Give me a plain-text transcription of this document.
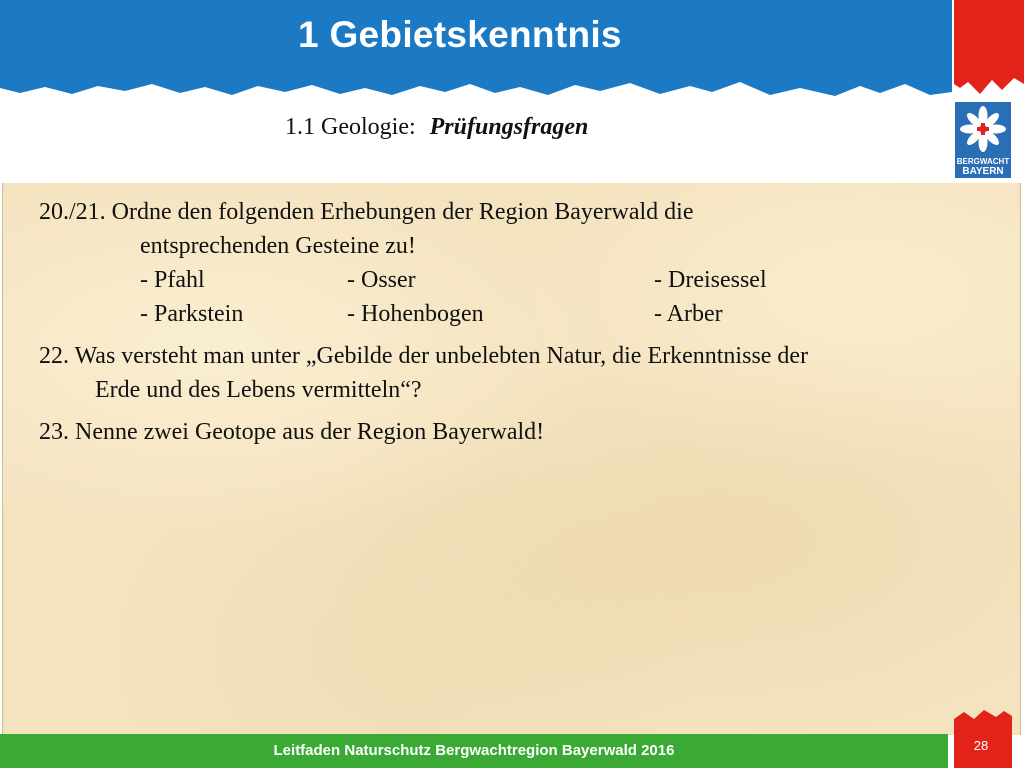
1 Gebietskenntnis
1.1 Geologie: Prüfungsfragen
BERGWACHT
BAYERN
20./21. Ordne den folgenden Erhebungen der Region Bayerwald die
entsprechenden Gesteine zu!
- Pfahl	- Osser	- Dreisessel
- Parkstein	- Hohenbogen	- Arber
22. Was versteht man unter „Gebilde der unbelebten Natur, die Erkenntnisse der
Erde und des Lebens vermitteln“?
23. Nenne zwei Geotope aus der Region Bayerwald!
Leitfaden Naturschutz Bergwachtregion Bayerwald 2016	28
